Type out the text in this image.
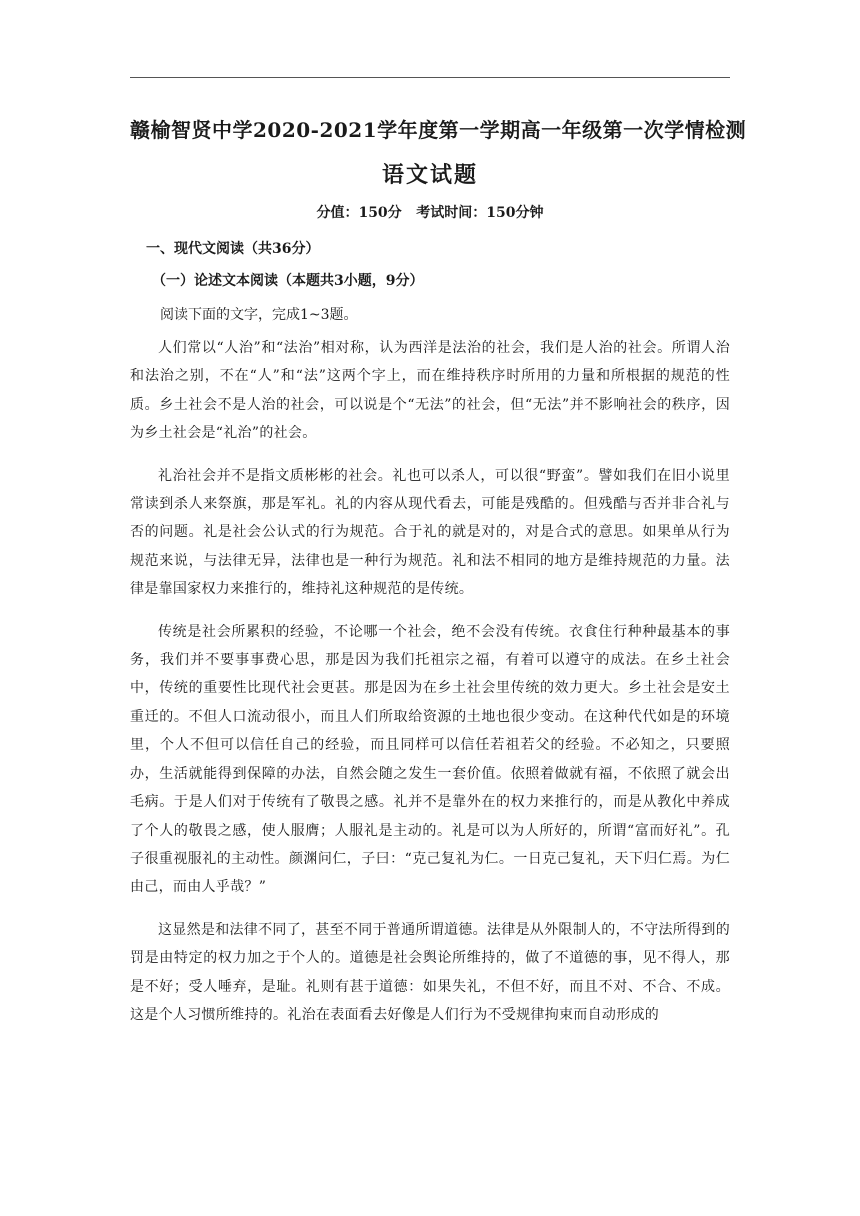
赣榆智贤中学2020-2021学年度第一学期高一年级第一次学情检测
语文试题
分值：150分   考试时间：150分钟
一、现代文阅读（共36分）
（一）论述文本阅读（本题共3小题，9分）
阅读下面的文字，完成1~3题。

人们常以“人治”和“法治”相对称，认为西洋是法治的社会，我们是人治的社会。所谓人治和法治之别，不在“人”和“法”这两个字上，而在维持秩序时所用的力量和所根据的规范的性质。乡土社会不是人治的社会，可以说是个“无法”的社会，但“无法”并不影响社会的秩序，因为乡土社会是“礼治”的社会。

礼治社会并不是指文质彬彬的社会。礼也可以杀人，可以很“野蛮”。譬如我们在旧小说里常读到杀人来祭旗，那是军礼。礼的内容从现代看去，可能是残酷的。但残酷与否并非合礼与否的问题。礼是社会公认式的行为规范。合于礼的就是对的，对是合式的意思。如果单从行为规范来说，与法律无异，法律也是一种行为规范。礼和法不相同的地方是维持规范的力量。法律是靠国家权力来推行的，维持礼这种规范的是传统。

传统是社会所累积的经验，不论哪一个社会，绝不会没有传统。衣食住行种种最基本的事务，我们并不要事事费心思，那是因为我们托祖宗之福，有着可以遵守的成法。在乡土社会中，传统的重要性比现代社会更甚。那是因为在乡土社会里传统的效力更大。乡土社会是安土重迁的。不但人口流动很小，而且人们所取给资源的土地也很少变动。在这种代代如是的环境里，个人不但可以信任自己的经验，而且同样可以信任若祖若父的经验。不必知之，只要照办，生活就能得到保障的办法，自然会随之发生一套价值。依照着做就有福，不依照了就会出毛病。于是人们对于传统有了敬畏之感。礼并不是靠外在的权力来推行的，而是从教化中养成了个人的敬畏之感，使人服膺；人服礼是主动的。礼是可以为人所好的，所谓“富而好礼”。孔子很重视服礼的主动性。颜渊问仁，子曰：“克己复礼为仁。一日克己复礼，天下归仁焉。为仁由己，而由人乎哉？”

这显然是和法律不同了，甚至不同于普通所谓道德。法律是从外限制人的，不守法所得到的罚是由特定的权力加之于个人的。道德是社会舆论所维持的，做了不道德的事，见不得人，那是不好；受人唾弃，是耻。礼则有甚于道德：如果失礼，不但不好，而且不对、不合、不成。这是个人习惯所维持的。礼治在表面看去好像是人们行为不受规律拘束而自动形成的
